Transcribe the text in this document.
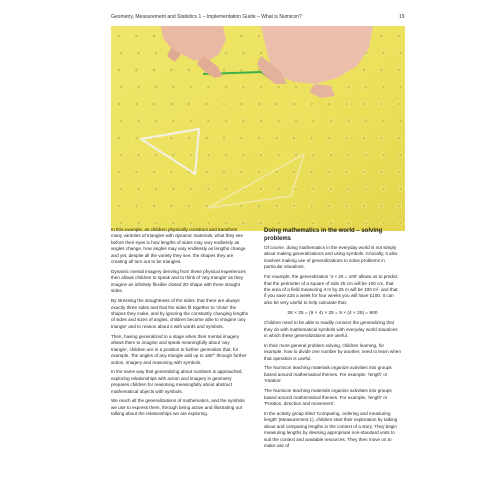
Geometry, Measurement and Statistics 1 – Implementation Guide – What is Numicon?	19

In this example, as children physically construct and transform many varieties of triangles with dynamic materials, what they see before their eyes is how lengths of sides may vary endlessly as angles change, how angles may vary endlessly as lengths change and yet, despite all the variety they see, the shapes they are creating all turn out to be triangles.

Dynamic mental imagery deriving from these physical experiences then allows children to speak and to think of 'any triangle' as they imagine an infinitely flexible closed 2D shape with three straight sides.

By stressing the straightness of the sides, that there are always exactly three sides and that the sides fit together to 'close' the shapes they make, and by ignoring the constantly changing lengths of sides and sizes of angles, children become able to imagine 'any triangle' and to reason about it with words and symbols.

Then, having generalized to a stage when their mental imagery allows them to imagine and speak meaningfully about 'any triangle', children are in a position to further generalize that, for example, 'the angles of any triangle add up to 180°' through further action, imagery and reasoning with symbols.

In the same way that generalizing about numbers is approached, exploring relationships with action and imagery in geometry prepares children for reasoning meaningfully about abstract mathematical objects with symbols.

We reach all the generalizations of mathematics, and the symbols we use to express them, through being active and illustrating our talking about the relationships we are exploring.

Doing mathematics in the world – solving problems

Of course, doing mathematics in the everyday world is not simply about making generalizations and using symbols. Crucially, it also involves making use of generalizations to solve problems in particular situations.

For example, the generalization '4 × 25 = 100' allows us to predict that the perimeter of a square of side 25 cm will be 100 cm, that the area of a field measuring 4 m by 25 m will be 100 m², and that if you save £25 a week for four weeks you will have £100. It can also be very useful to help calculate that:

36 × 25 = (9 × 4) × 25 = 9 × (4 × 25) = 900

Children need to be able to readily connect the generalizing that they do with mathematical symbols with everyday world situations in which these generalizations are useful.

In their more general problem solving, children learning, for example, how to divide one number by another, need to learn when that operation is useful.

The Numicon teaching materials organize activities into groups based around mathematical themes. For example, 'length' or 'rotation'.

The Numicon teaching materials organize activities into groups based around mathematical themes. For example, 'length' or 'Position, direction and movement'.

In the activity group titled 'Comparing, ordering and measuring length' (Measurement 1), children start their exploration by talking about and comparing lengths in the context of a story. They begin measuring lengths by devising appropriate non-standard units to suit the context and available resources. They then move on to make use of
